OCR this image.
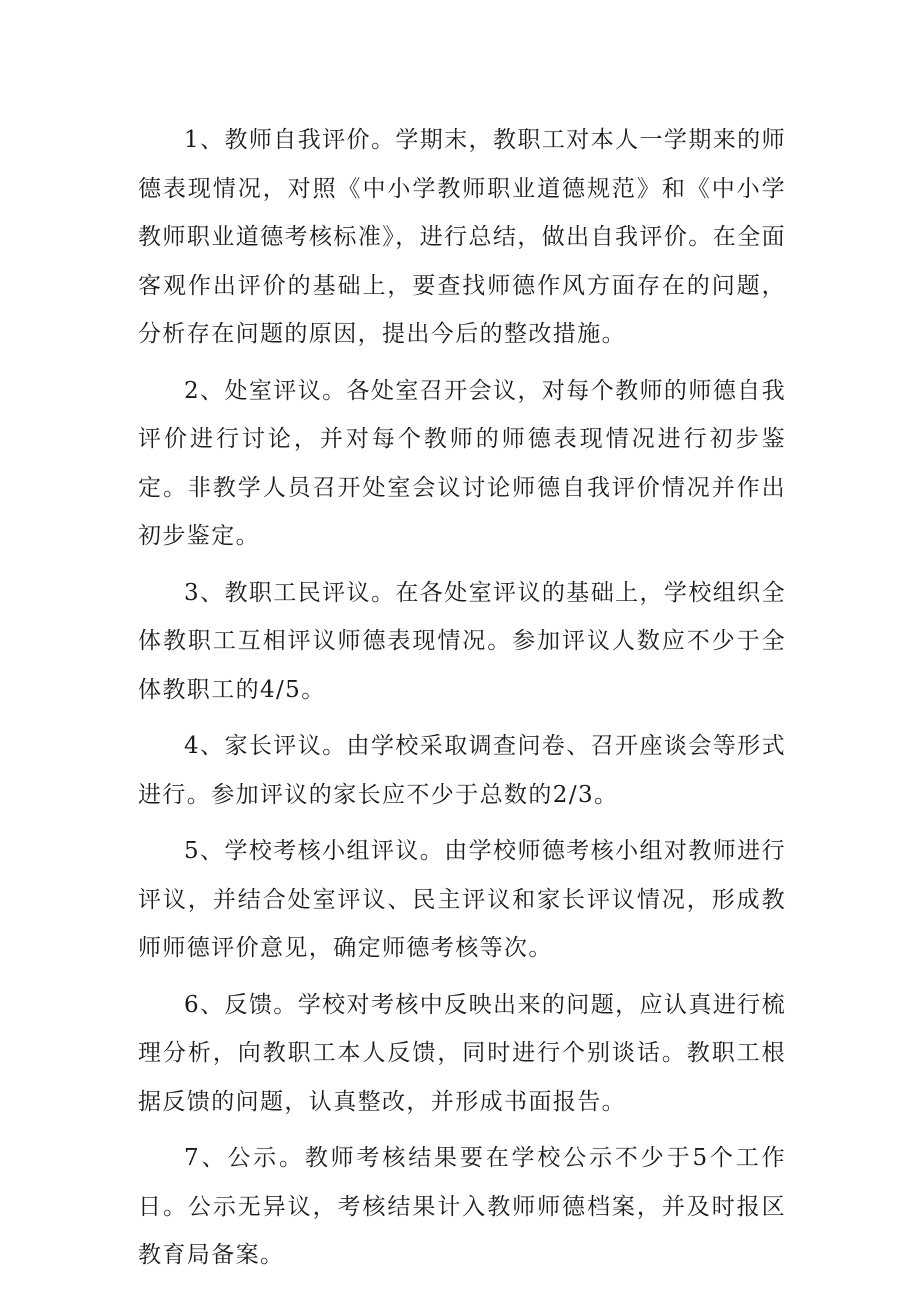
1、教师自我评价。学期末，教职工对本人一学期来的师德表现情况，对照《中小学教师职业道德规范》和《中小学教师职业道德考核标准》，进行总结，做出自我评价。在全面客观作出评价的基础上，要查找师德作风方面存在的问题，分析存在问题的原因，提出今后的整改措施。

2、处室评议。各处室召开会议，对每个教师的师德自我评价进行讨论，并对每个教师的师德表现情况进行初步鉴定。非教学人员召开处室会议讨论师德自我评价情况并作出初步鉴定。

3、教职工民评议。在各处室评议的基础上，学校组织全体教职工互相评议师德表现情况。参加评议人数应不少于全体教职工的4/5。

4、家长评议。由学校采取调查问卷、召开座谈会等形式进行。参加评议的家长应不少于总数的2/3。

5、学校考核小组评议。由学校师德考核小组对教师进行评议，并结合处室评议、民主评议和家长评议情况，形成教师师德评价意见，确定师德考核等次。

6、反馈。学校对考核中反映出来的问题，应认真进行梳理分析，向教职工本人反馈，同时进行个别谈话。教职工根据反馈的问题，认真整改，并形成书面报告。

7、公示。教师考核结果要在学校公示不少于5个工作日。公示无异议，考核结果计入教师师德档案，并及时报区教育局备案。
